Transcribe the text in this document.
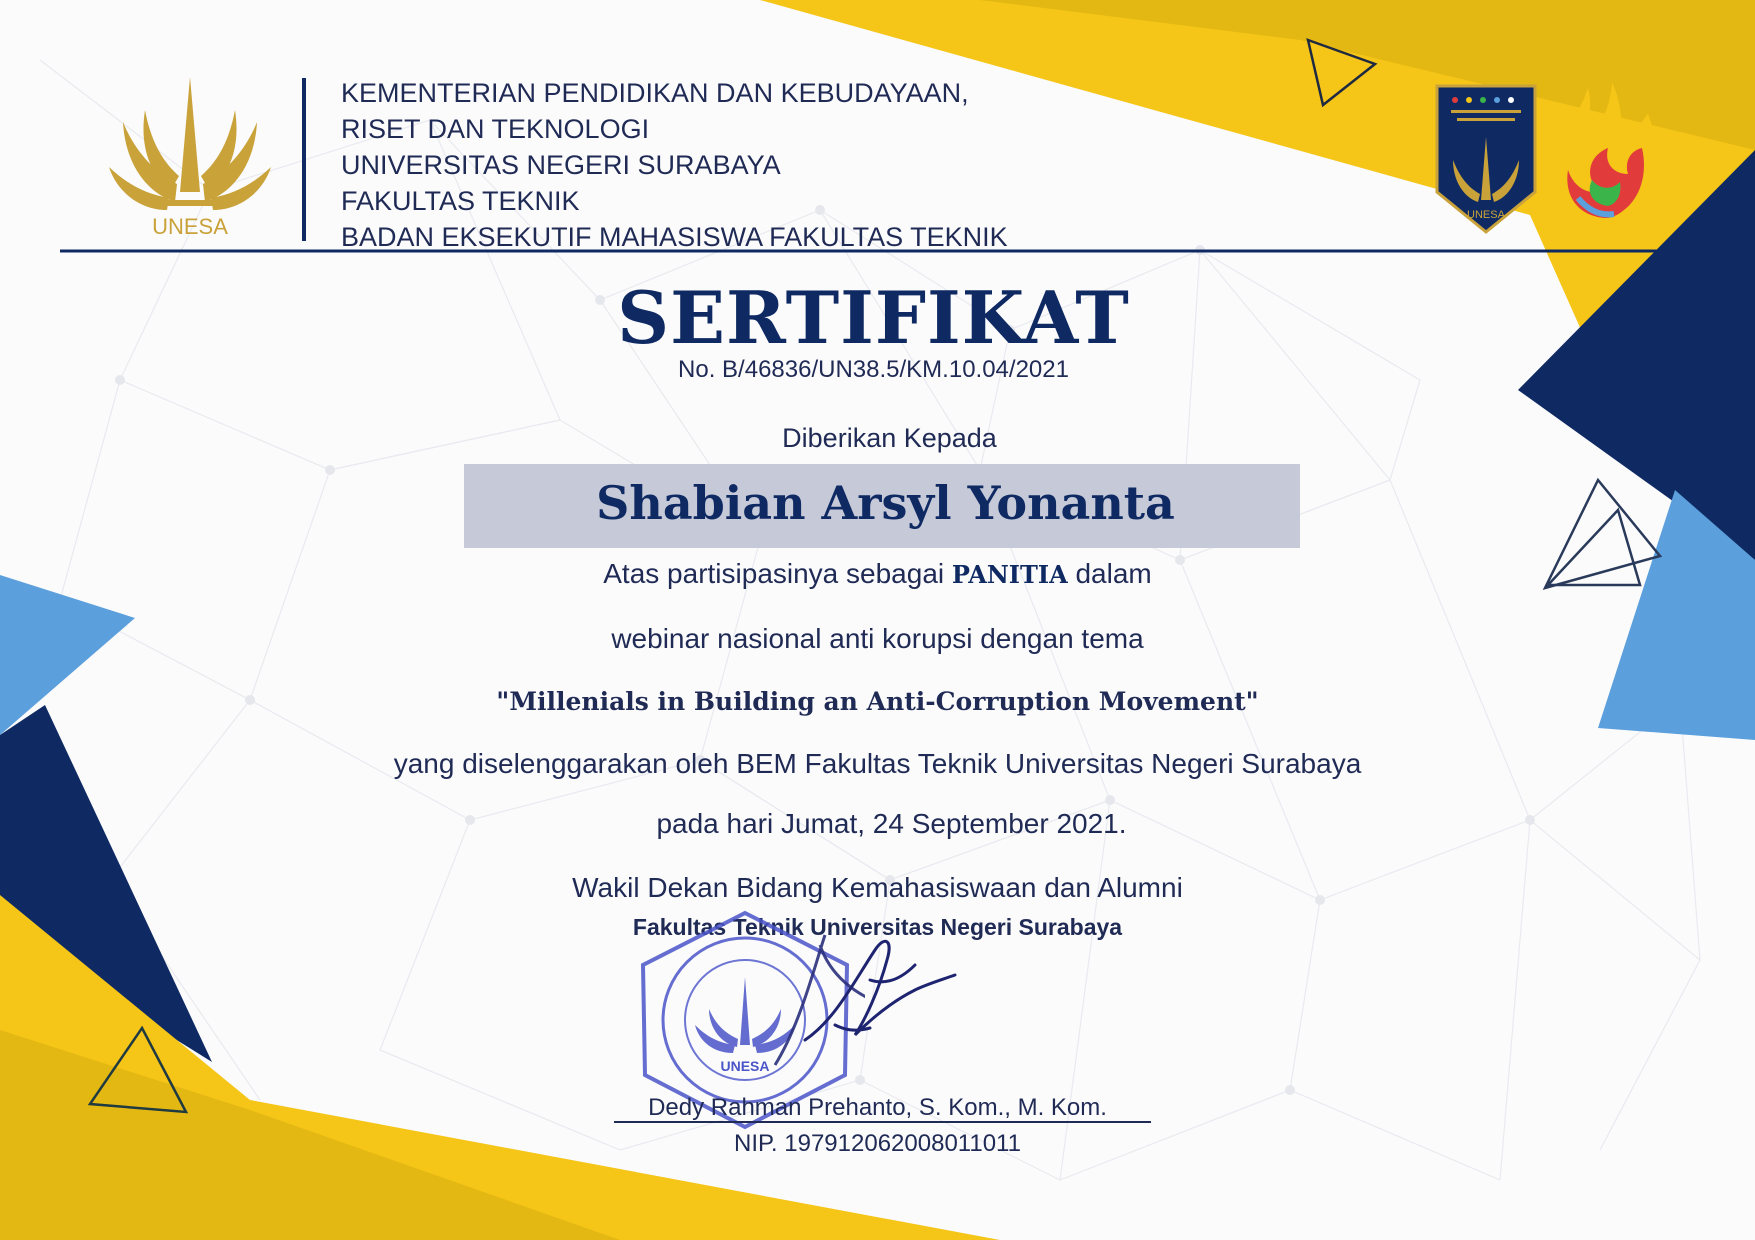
UNESA
KEMENTERIAN PENDIDIKAN DAN KEBUDAYAAN,
RISET DAN TEKNOLOGI
UNIVERSITAS NEGERI SURABAYA
FAKULTAS TEKNIK
BADAN EKSEKUTIF MAHASISWA FAKULTAS TEKNIK
UNESA
SERTIFIKAT
No. B/46836/UN38.5/KM.10.04/2021
Diberikan Kepada
Shabian Arsyl Yonanta
Atas partisipasinya sebagai PANITIA dalam
webinar nasional anti korupsi dengan tema
"Millenials in Building an Anti-Corruption Movement"
yang diselenggarakan oleh BEM Fakultas Teknik Universitas Negeri Surabaya
pada hari Jumat, 24 September 2021.
Wakil Dekan Bidang Kemahasiswaan dan Alumni
Fakultas Teknik Universitas Negeri Surabaya
UNESA
Dedy Rahman Prehanto, S. Kom., M. Kom.
NIP. 197912062008011011
